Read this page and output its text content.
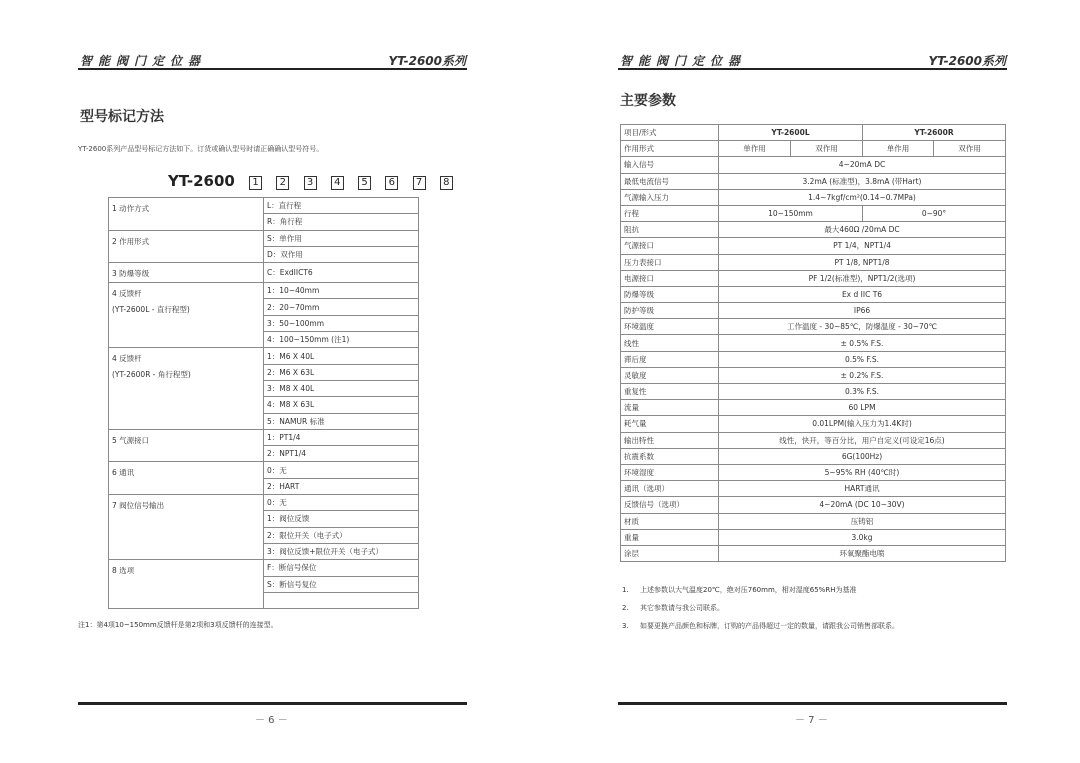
智能阀门定位器	YT-2600系列
型号标记方法
YT-2600系列产品型号标记方法如下。订货或确认型号时请正确确认型号符号。
YT-2600 1 2 3 4 5 6 7 8
1 动作方式	L：直行程
	R：角行程

2 作用形式	S：单作用
	D：双作用

3 防爆等级	C：ExdIICT6

4 反馈杆
(YT-2600L - 直行程型)	1：10~40mm
	2：20~70mm
	3：50~100mm
	4：100~150mm (注1)

4 反馈杆
(YT-2600R - 角行程型)	1：M6 X 40L
	2：M6 X 63L
	3：M8 X 40L
	4：M8 X 63L
	5：NAMUR 标准

5 气源接口	1：PT1/4
	2：NPT1/4

6 通讯	0：无
	2：HART

7 阀位信号输出	0：无
	1：阀位反馈
	2：限位开关（电子式）
	3：阀位反馈+限位开关（电子式）

8 选项	F：断信号保位
	S：断信号复位

注1：第4项10~150mm反馈杆是第2项和3项反馈杆的连接型。
－ 6 －
智能阀门定位器	YT-2600系列
主要参数
项目/形式	YT-2600L		YT-2600R	
作用形式	单作用	双作用	单作用	双作用
输入信号	4~20mA DC			
最低电流信号	3.2mA (标准型)，3.8mA (带Hart)			
气源输入压力	1.4~7kgf/cm²(0.14~0.7MPa)			
行程	10~150mm		0~90°	
阻抗	最大460Ω /20mA DC			
气源接口	PT 1/4，NPT1/4			
压力表接口	PT 1/8, NPT1/8			
电源接口	PF 1/2(标准型)，NPT1/2(选项)			
防爆等级	Ex d IIC T6			
防护等级	IP66			
环境温度	工作温度 - 30~85℃，防爆温度 - 30~70℃			
线性	± 0.5% F.S.			
滞后度	0.5% F.S.			
灵敏度	± 0.2% F.S.			
重复性	0.3% F.S.			
流量	60 LPM			
耗气量	0.01LPM(输入压力为1.4K时)			
输出特性	线性，快开，等百分比，用户自定义(可设定16点)			
抗震系数	6G(100Hz)			
环境湿度	5~95% RH (40℃时)			
通讯（选项）	HART通讯			
反馈信号（选项）	4~20mA (DC 10~30V)			
材质	压铸铝			
重量	3.0kg			
涂层	环氧聚酯电喷			
1. 上述参数以大气温度20℃，绝对压760mm，相对湿度65%RH为基准
2. 其它参数请与我公司联系。
3. 如要更换产品颜色和标牌，订购的产品得超过一定的数量，请跟我公司销售部联系。
－ 7 －
